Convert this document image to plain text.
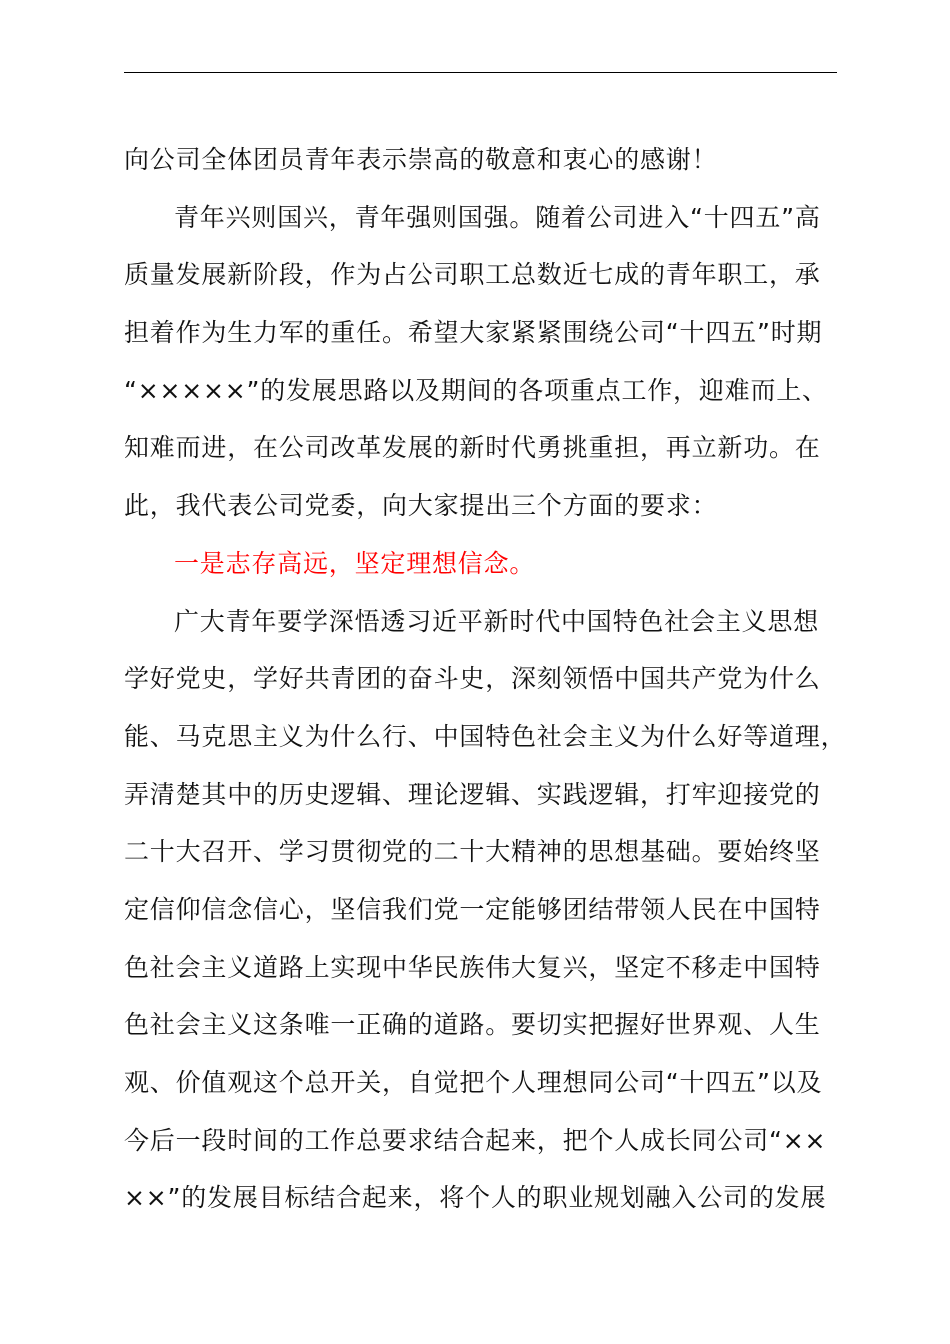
向公司全体团员青年表示崇高的敬意和衷心的感谢！
青年兴则国兴，青年强则国强。随着公司进入“十四五”高
质量发展新阶段，作为占公司职工总数近七成的青年职工，承
担着作为生力军的重任。希望大家紧紧围绕公司“十四五”时期
“×××××”的发展思路以及期间的各项重点工作，迎难而上、
知难而进，在公司改革发展的新时代勇挑重担，再立新功。在
此，我代表公司党委，向大家提出三个方面的要求：
一是志存高远，坚定理想信念。
广大青年要学深悟透习近平新时代中国特色社会主义思想
学好党史，学好共青团的奋斗史，深刻领悟中国共产党为什么
能、马克思主义为什么行、中国特色社会主义为什么好等道理，
弄清楚其中的历史逻辑、理论逻辑、实践逻辑，打牢迎接党的
二十大召开、学习贯彻党的二十大精神的思想基础。要始终坚
定信仰信念信心，坚信我们党一定能够团结带领人民在中国特
色社会主义道路上实现中华民族伟大复兴，坚定不移走中国特
色社会主义这条唯一正确的道路。要切实把握好世界观、人生
观、价值观这个总开关，自觉把个人理想同公司“十四五”以及
今后一段时间的工作总要求结合起来，把个人成长同公司“××
××”的发展目标结合起来，将个人的职业规划融入公司的发展
